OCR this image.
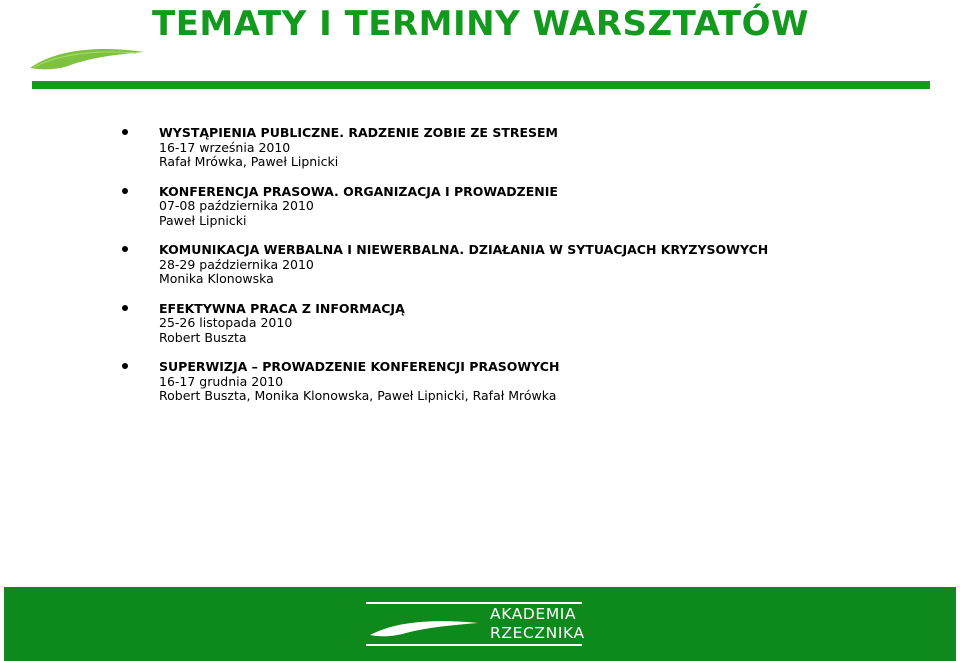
TEMATY I TERMINY WARSZTATÓW
WYSTĄPIENIA PUBLICZNE. RADZENIE ZOBIE ZE STRESEM
16-17 września 2010
Rafał Mrówka, Paweł Lipnicki
KONFERENCJA PRASOWA. ORGANIZACJA I PROWADZENIE
07-08 października 2010
Paweł Lipnicki
KOMUNIKACJA WERBALNA I NIEWERBALNA. DZIAŁANIA W SYTUACJACH KRYZYSOWYCH
28-29 października 2010
Monika Klonowska
EFEKTYWNA PRACA Z INFORMACJĄ
25-26 listopada 2010
Robert Buszta
SUPERWIZJA – PROWADZENIE KONFERENCJI PRASOWYCH
16-17 grudnia 2010
Robert Buszta, Monika Klonowska, Paweł Lipnicki, Rafał Mrówka
AKADEMIA
RZECZNIKA
